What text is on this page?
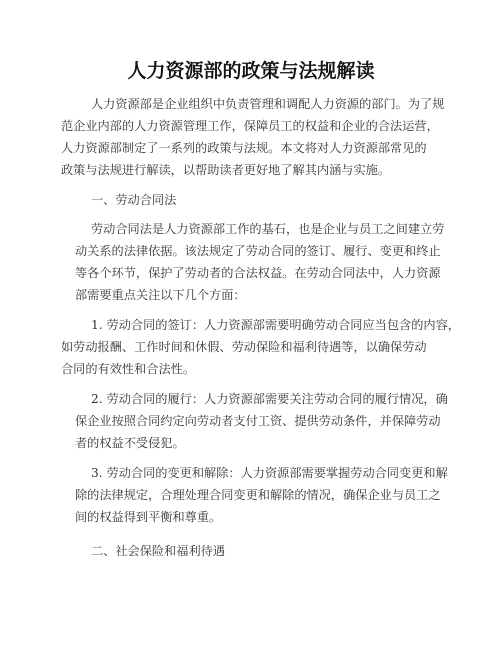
人力资源部的政策与法规解读
人力资源部是企业组织中负责管理和调配人力资源的部门。为了规
范企业内部的人力资源管理工作，保障员工的权益和企业的合法运营，
人力资源部制定了一系列的政策与法规。本文将对人力资源部常见的
政策与法规进行解读，以帮助读者更好地了解其内涵与实施。
一、劳动合同法
劳动合同法是人力资源部工作的基石，也是企业与员工之间建立劳
动关系的法律依据。该法规定了劳动合同的签订、履行、变更和终止
等各个环节，保护了劳动者的合法权益。在劳动合同法中，人力资源
部需要重点关注以下几个方面：
1. 劳动合同的签订：人力资源部需要明确劳动合同应当包含的内容，
如劳动报酬、工作时间和休假、劳动保险和福利待遇等，以确保劳动
合同的有效性和合法性。
2. 劳动合同的履行：人力资源部需要关注劳动合同的履行情况，确
保企业按照合同约定向劳动者支付工资、提供劳动条件，并保障劳动
者的权益不受侵犯。
3. 劳动合同的变更和解除：人力资源部需要掌握劳动合同变更和解
除的法律规定，合理处理合同变更和解除的情况，确保企业与员工之
间的权益得到平衡和尊重。
二、社会保险和福利待遇
